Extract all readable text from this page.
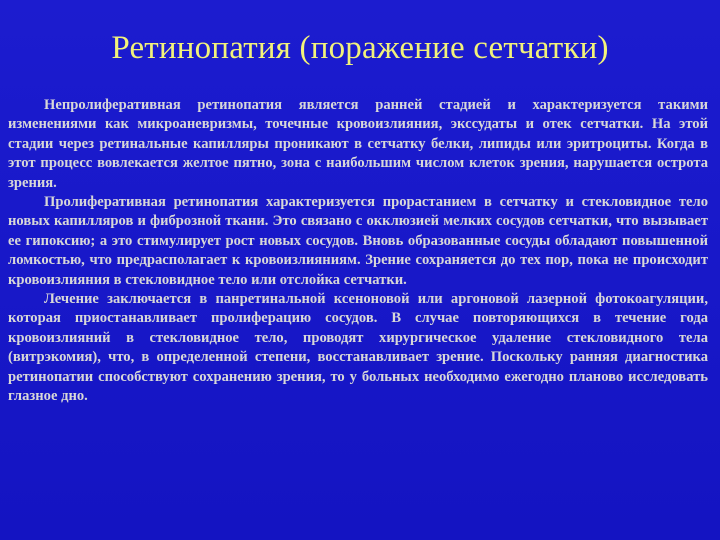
Ретинопатия (поражение сетчатки)

Непролиферативная ретинопатия является ранней стадией и характеризуется такими изменениями как микроаневризмы, точечные кровоизлияния, экссудаты и отек сетчатки. На этой стадии через ретинальные капилляры проникают в сетчатку белки, липиды или эритроциты. Когда в этот процесс вовлекается желтое пятно, зона с наибольшим числом клеток зрения, нарушается острота зрения.

Пролиферативная ретинопатия характеризуется прорастанием в сетчатку и стекловидное тело новых капилляров и фиброзной ткани. Это связано с окклюзией мелких сосудов сетчатки, что вызывает ее гипоксию; а это стимулирует рост новых сосудов. Вновь образованные сосуды обладают повышенной ломкостью, что предрасполагает к кровоизлияниям. Зрение сохраняется до тех пор, пока не происходит кровоизлияния в стекловидное тело или отслойка сетчатки.

Лечение заключается в панретинальной ксеноновой или аргоновой лазерной фотокоагуляции, которая приостанавливает пролиферацию сосудов. В случае повторяющихся в течение года кровоизлияний в стекловидное тело, проводят хирургическое удаление стекловидного тела (витрэкомия), что, в определенной степени, восстанавливает зрение. Поскольку ранняя диагностика ретинопатии способствуют сохранению зрения, то у больных необходимо ежегодно планово исследовать глазное дно.
